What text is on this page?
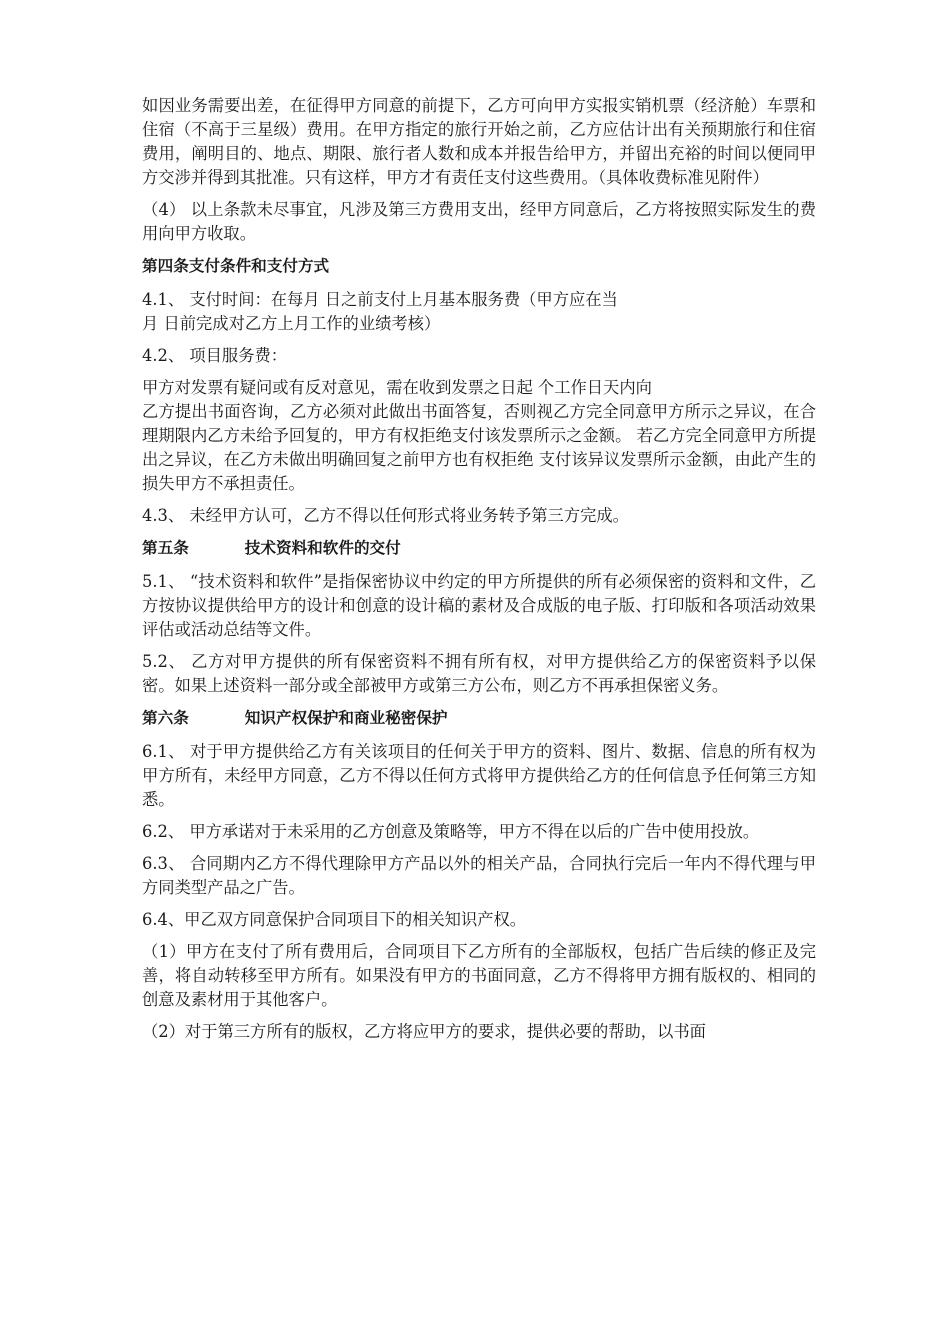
如因业务需要出差，在征得甲方同意的前提下，乙方可向甲方实报实销机票（经济舱）车票和住宿（不高于三星级）费用。在甲方指定的旅行开始之前，乙方应估计出有关预期旅行和住宿费用，阐明目的、地点、期限、旅行者人数和成本并报告给甲方，并留出充裕的时间以便同甲方交涉并得到其批准。只有这样，甲方才有责任支付这些费用。（具体收费标准见附件）

（4） 以上条款未尽事宜，凡涉及第三方费用支出，经甲方同意后，乙方将按照实际发生的费用向甲方收取。

第四条支付条件和支付方式

4.1、 支付时间：在每月 日之前支付上月基本服务费（甲方应在当
月 日前完成对乙方上月工作的业绩考核）

4.2、 项目服务费：

甲方对发票有疑问或有反对意见，需在收到发票之日起 个工作日天内向
乙方提出书面咨询，乙方必须对此做出书面答复，否则视乙方完全同意甲方所示之异议，在合理期限内乙方未给予回复的，甲方有权拒绝支付该发票所示之金额。 若乙方完全同意甲方所提出之异议，在乙方未做出明确回复之前甲方也有权拒绝 支付该异议发票所示金额，由此产生的损失甲方不承担责任。

4.3、 未经甲方认可，乙方不得以任何形式将业务转予第三方完成。

第五条	技术资料和软件的交付

5.1、 “技术资料和软件”是指保密协议中约定的甲方所提供的所有必须保密的资料和文件，乙方按协议提供给甲方的设计和创意的设计稿的素材及合成版的电子版、打印版和各项活动效果评估或活动总结等文件。

5.2、 乙方对甲方提供的所有保密资料不拥有所有权，对甲方提供给乙方的保密资料予以保密。如果上述资料一部分或全部被甲方或第三方公布，则乙方不再承担保密义务。

第六条	知识产权保护和商业秘密保护

6.1、 对于甲方提供给乙方有关该项目的任何关于甲方的资料、图片、数据、信息的所有权为甲方所有，未经甲方同意，乙方不得以任何方式将甲方提供给乙方的任何信息予任何第三方知悉。

6.2、 甲方承诺对于未采用的乙方创意及策略等，甲方不得在以后的广告中使用投放。

6.3、 合同期内乙方不得代理除甲方产品以外的相关产品，合同执行完后一年内不得代理与甲方同类型产品之广告。

6.4、甲乙双方同意保护合同项目下的相关知识产权。

（1）甲方在支付了所有费用后，合同项目下乙方所有的全部版权，包括广告后续的修正及完善，将自动转移至甲方所有。如果没有甲方的书面同意，乙方不得将甲方拥有版权的、相同的创意及素材用于其他客户。

（2）对于第三方所有的版权，乙方将应甲方的要求，提供必要的帮助，以书面
